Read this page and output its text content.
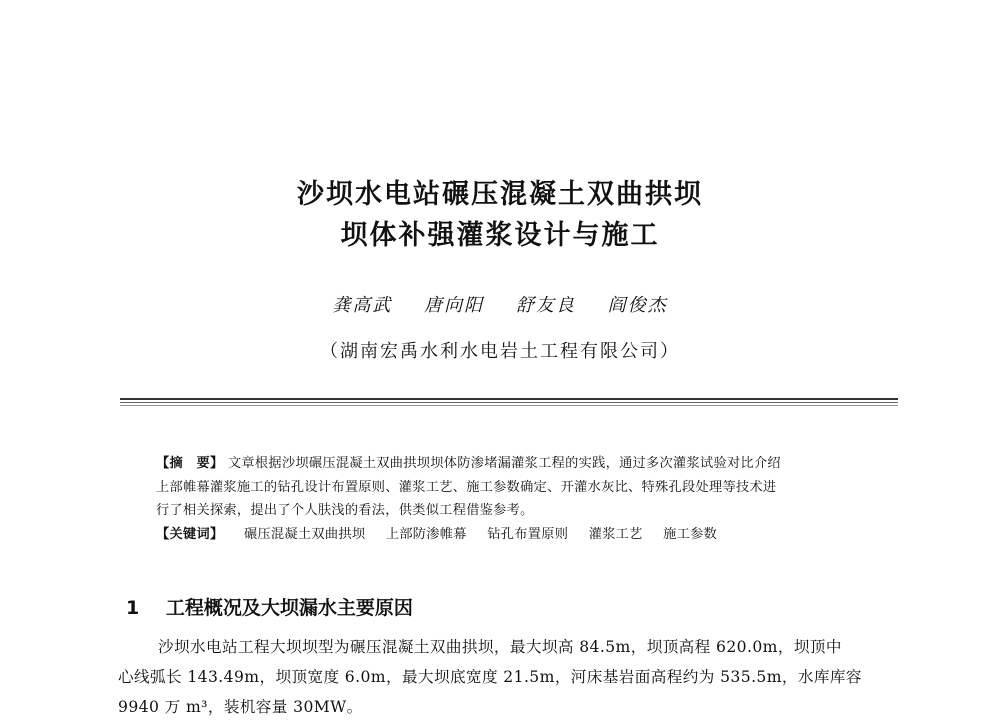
沙坝水电站碾压混凝土双曲拱坝
坝体补强灌浆设计与施工
龚高武 唐向阳 舒友良 阎俊杰
（湖南宏禹水利水电岩土工程有限公司）
【摘　要】 文章根据沙坝碾压混凝土双曲拱坝坝体防渗堵漏灌浆工程的实践，通过多次灌浆试验对比介绍
上部帷幕灌浆施工的钻孔设计布置原则、灌浆工艺、施工参数确定、开灌水灰比、特殊孔段处理等技术进
行了相关探索，提出了个人肤浅的看法，供类似工程借鉴参考。
【关键词】 碾压混凝土双曲拱坝 上部防渗帷幕 钻孔布置原则 灌浆工艺 施工参数
1 工程概况及大坝漏水主要原因
沙坝水电站工程大坝坝型为碾压混凝土双曲拱坝，最大坝高 84.5m，坝顶高程 620.0m，坝顶中
心线弧长 143.49m，坝顶宽度 6.0m，最大坝底宽度 21.5m，河床基岩面高程约为 535.5m，水库库容
9940 万 m³，装机容量 30MW。
